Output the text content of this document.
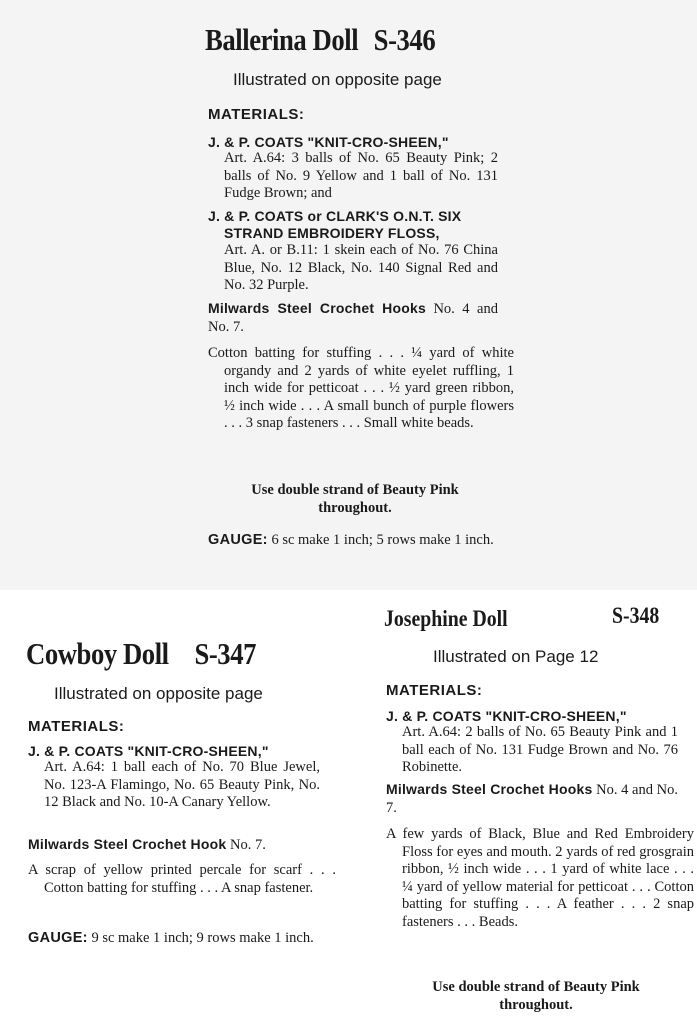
Ballerina Doll S-346
Illustrated on opposite page
MATERIALS:
J. & P. COATS "KNIT-CRO-SHEEN,"
Art. A.64: 3 balls of No. 65 Beauty Pink; 2 balls of No. 9 Yellow and 1 ball of No. 131 Fudge Brown; and
J. & P. COATS or CLARK'S O.N.T. SIX STRAND EMBROIDERY FLOSS,
Art. A. or B.11: 1 skein each of No. 76 China Blue, No. 12 Black, No. 140 Signal Red and No. 32 Purple.
Milwards Steel Crochet Hooks No. 4 and No. 7.
Cotton batting for stuffing . . . ¼ yard of white organdy and 2 yards of white eyelet ruffling, 1 inch wide for petticoat . . . ½ yard green ribbon, ½ inch wide . . . A small bunch of purple flowers . . . 3 snap fasteners . . . Small white beads.
Use double strand of Beauty Pink throughout.
GAUGE: 6 sc make 1 inch; 5 rows make 1 inch.
Cowboy Doll S-347
Illustrated on opposite page
MATERIALS:
J. & P. COATS "KNIT-CRO-SHEEN,"
Art. A.64: 1 ball each of No. 70 Blue Jewel, No. 123-A Flamingo, No. 65 Beauty Pink, No. 12 Black and No. 10-A Canary Yellow.
Milwards Steel Crochet Hook No. 7.
A scrap of yellow printed percale for scarf . . . Cotton batting for stuffing . . . A snap fastener.
GAUGE: 9 sc make 1 inch; 9 rows make 1 inch.
Josephine Doll	S-348
Illustrated on Page 12
MATERIALS:
J. & P. COATS "KNIT-CRO-SHEEN,"
Art. A.64: 2 balls of No. 65 Beauty Pink and 1 ball each of No. 131 Fudge Brown and No. 76 Robinette.
Milwards Steel Crochet Hooks No. 4 and No. 7.
A few yards of Black, Blue and Red Embroidery Floss for eyes and mouth. 2 yards of red grosgrain ribbon, ½ inch wide . . . 1 yard of white lace . . . ¼ yard of yellow material for petticoat . . . Cotton batting for stuffing . . . A feather . . . 2 snap fasteners . . . Beads.
Use double strand of Beauty Pink throughout.
